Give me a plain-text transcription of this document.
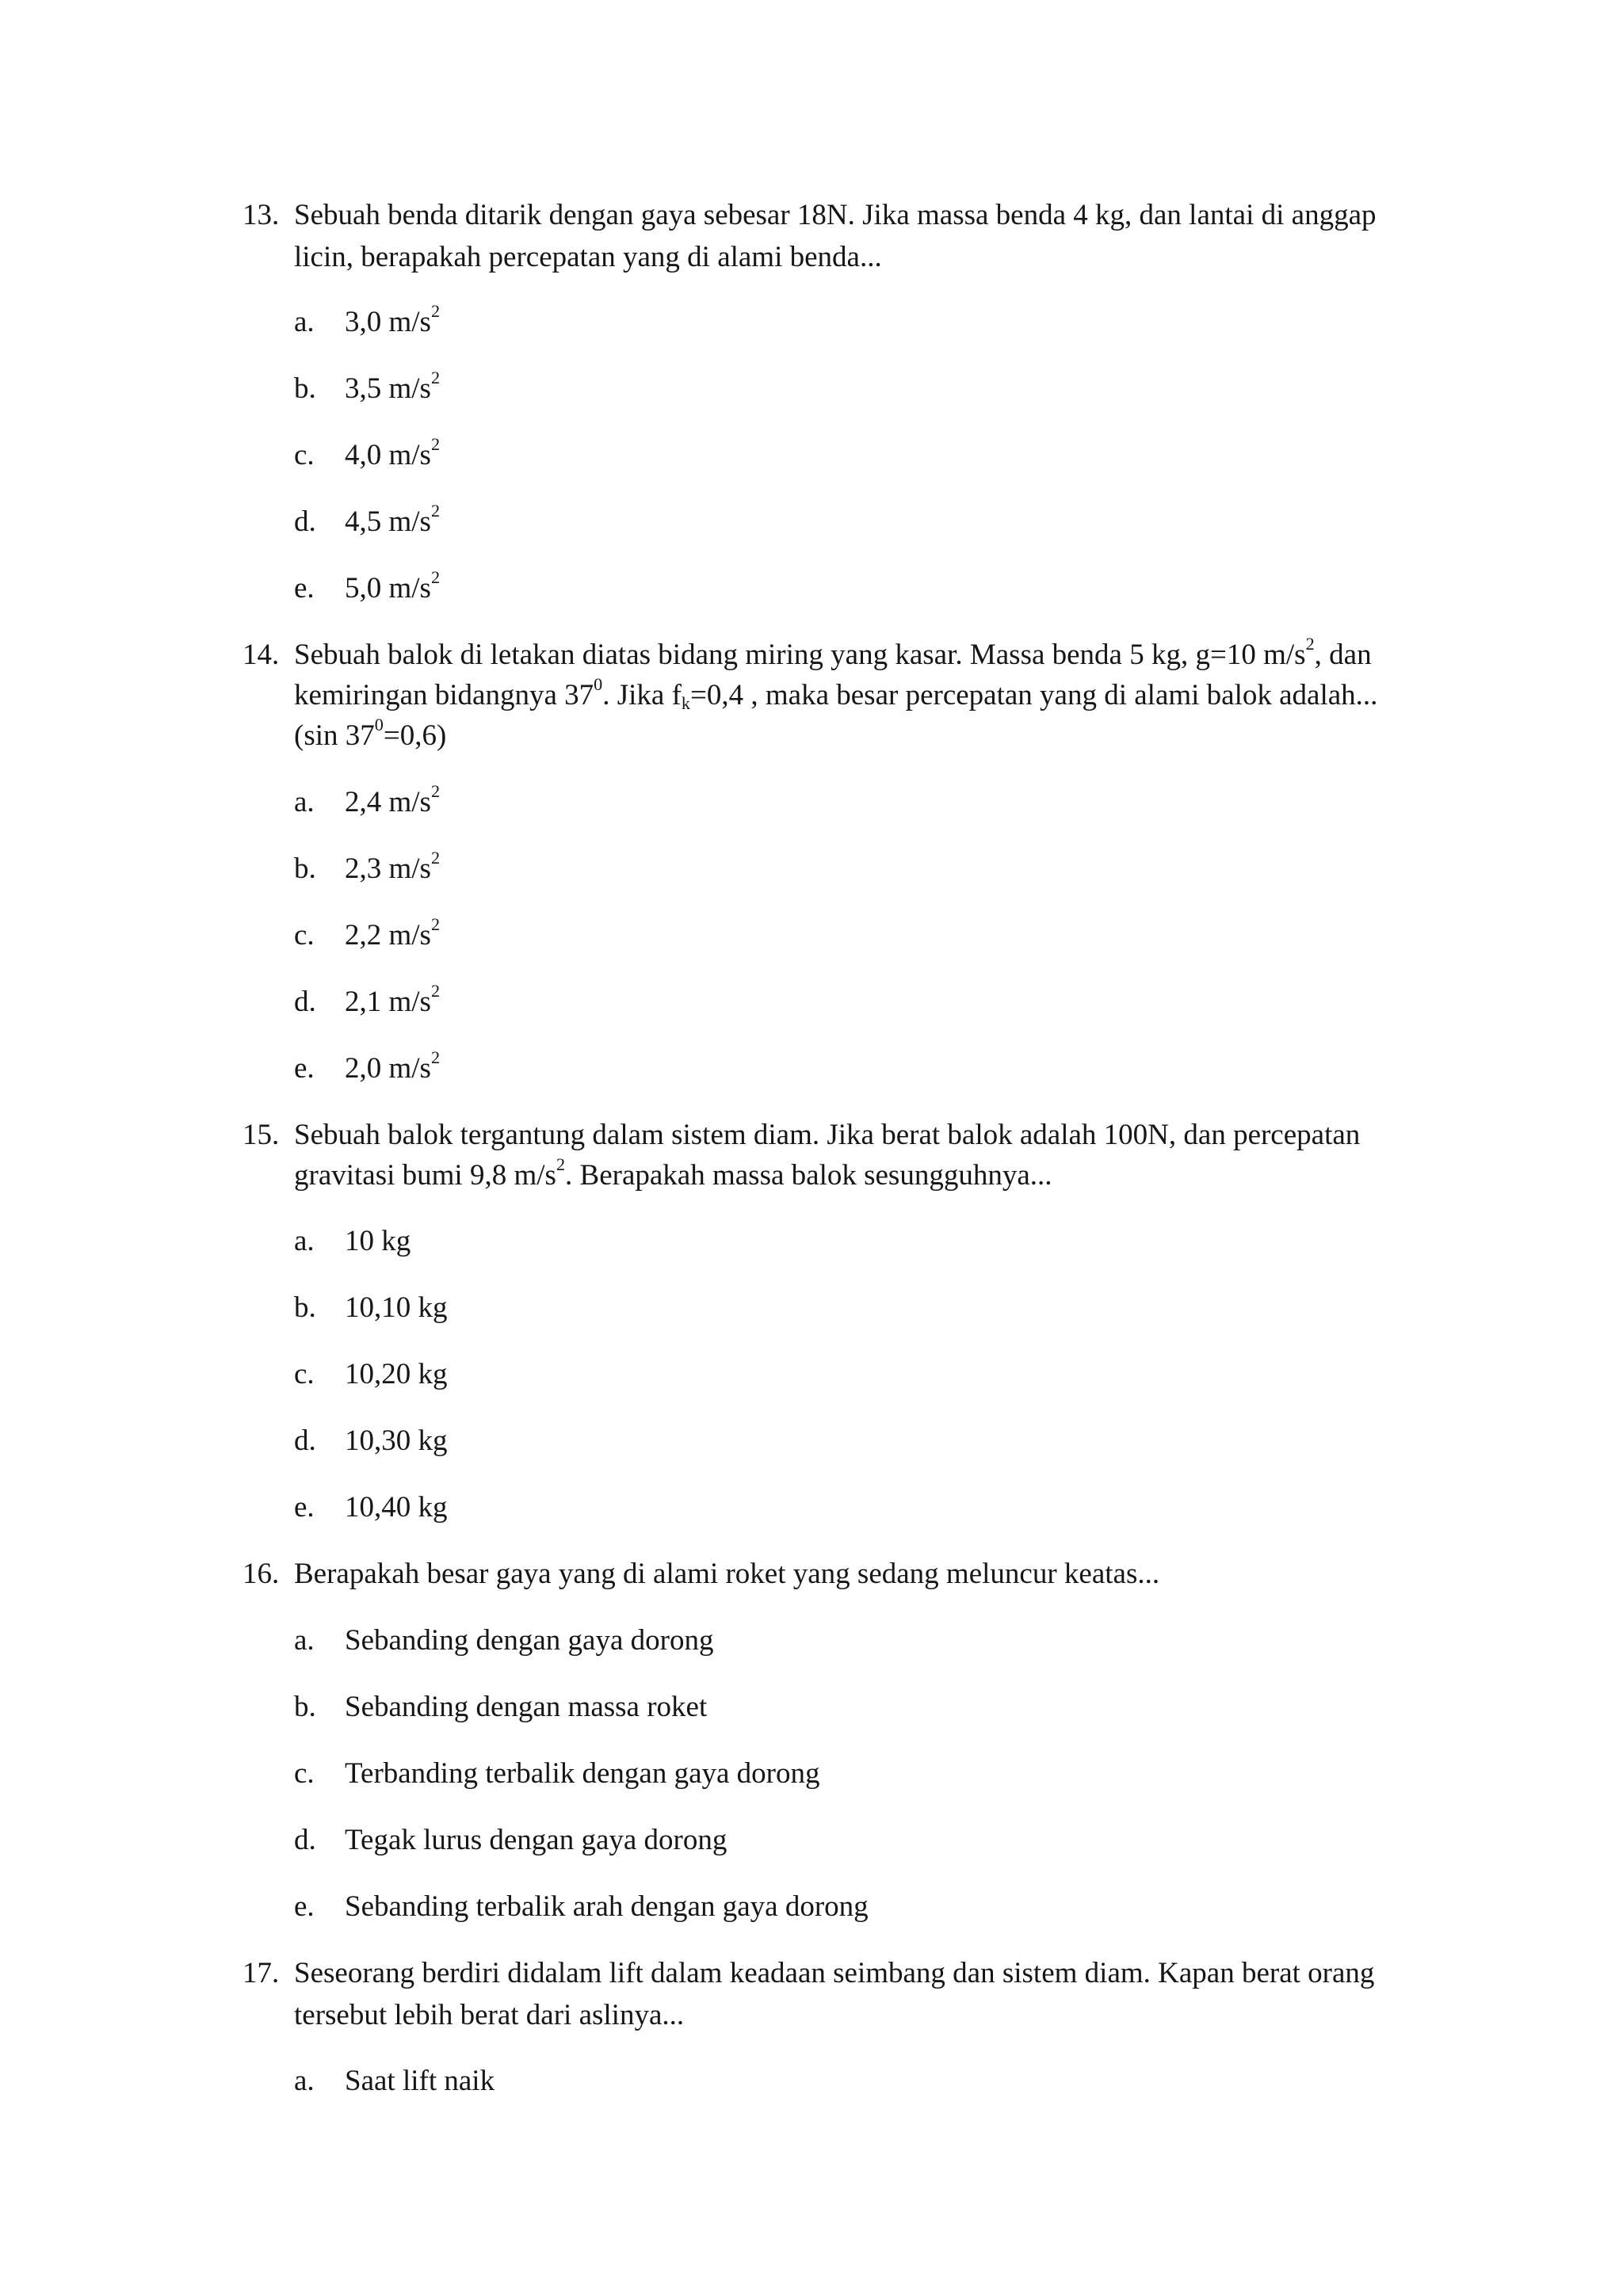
13. Sebuah benda ditarik dengan gaya sebesar 18N. Jika massa benda 4 kg, dan lantai di anggap
licin, berapakah percepatan yang di alami benda...
a. 3,0 $m/s^2$
b. 3,5 $m/s^2$
c. 4,0 $m/s^2$
d. 4,5 $m/s^2$
e. 5,0 $m/s^2$
14. Sebuah balok di letakan diatas bidang miring yang kasar. Massa benda 5 kg, g=10 $m/s^2$, dan
kemiringan bidangnya $37^0$. Jika $f_k=0,4$ , maka besar percepatan yang di alami balok adalah...
(sin $37^0=0,6$)
a. 2,4 $m/s^2$
b. 2,3 $m/s^2$
c. 2,2 $m/s^2$
d. 2,1 $m/s^2$
e. 2,0 $m/s^2$
15. Sebuah balok tergantung dalam sistem diam. Jika berat balok adalah 100N, dan percepatan
gravitasi bumi 9,8 $m/s^2$. Berapakah massa balok sesungguhnya...
a. 10 kg
b. 10,10 kg
c. 10,20 kg
d. 10,30 kg
e. 10,40 kg
16. Berapakah besar gaya yang di alami roket yang sedang meluncur keatas...
a. Sebanding dengan gaya dorong
b. Sebanding dengan massa roket
c. Terbanding terbalik dengan gaya dorong
d. Tegak lurus dengan gaya dorong
e. Sebanding terbalik arah dengan gaya dorong
17. Seseorang berdiri didalam lift dalam keadaan seimbang dan sistem diam. Kapan berat orang
tersebut lebih berat dari aslinya...
a. Saat lift naik
